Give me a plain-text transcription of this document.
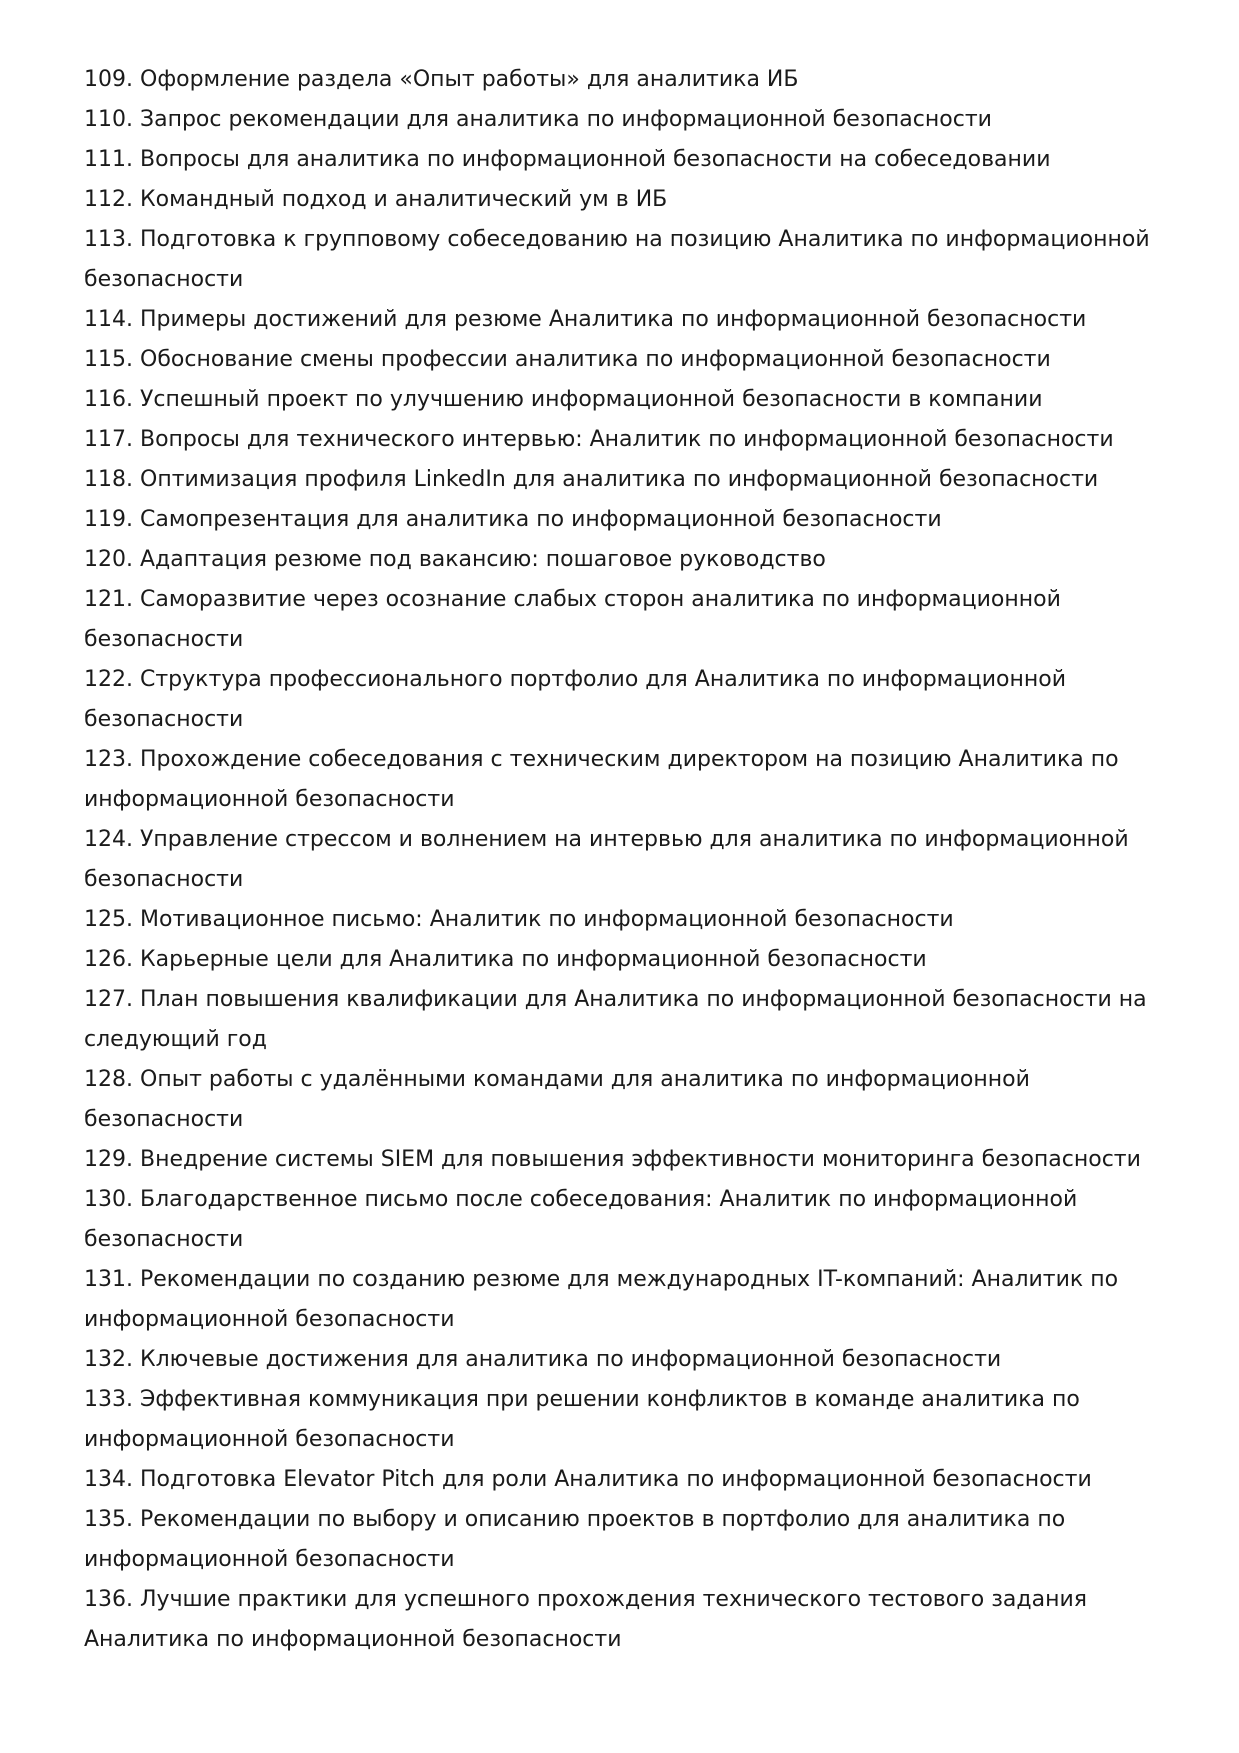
109 . Оформление раздела «Опыт работы» для аналитика ИБ
110 . Запрос рекомендации для аналитика по информационной безопасности
111 . Вопросы для аналитика по информационной безопасности на собеседовании
112 . Командный подход и аналитический ум в ИБ
113 . Подготовка к групповому собеседованию на позицию Аналитика по информационной безопасности
114 . Примеры достижений для резюме Аналитика по информационной безопасности
115 . Обоснование смены профессии аналитика по информационной безопасности
116 . Успешный проект по улучшению информационной безопасности в компании
117 . Вопросы для технического интервью: Аналитик по информационной безопасности
118 . Оптимизация профиля LinkedIn для аналитика по информационной безопасности
119 . Самопрезентация для аналитика по информационной безопасности
120 . Адаптация резюме под вакансию: пошаговое руководство
121 . Саморазвитие через осознание слабых сторон аналитика по информационной безопасности
122 . Структура профессионального портфолио для Аналитика по информационной безопасности
123 . Прохождение собеседования с техническим директором на позицию Аналитика по информационной безопасности
124 . Управление стрессом и волнением на интервью для аналитика по информационной безопасности
125 . Мотивационное письмо: Аналитик по информационной безопасности
126 . Карьерные цели для Аналитика по информационной безопасности
127 . План повышения квалификации для Аналитика по информационной безопасности на следующий год
128 . Опыт работы с удалёнными командами для аналитика по информационной безопасности
129 . Внедрение системы SIEM для повышения эффективности мониторинга безопасности
130 . Благодарственное письмо после собеседования: Аналитик по информационной безопасности
131 . Рекомендации по созданию резюме для международных IT-компаний: Аналитик по информационной безопасности
132 . Ключевые достижения для аналитика по информационной безопасности
133 . Эффективная коммуникация при решении конфликтов в команде аналитика по информационной безопасности
134 . Подготовка Elevator Pitch для роли Аналитика по информационной безопасности
135 . Рекомендации по выбору и описанию проектов в портфолио для аналитика по информационной безопасности
136 . Лучшие практики для успешного прохождения технического тестового задания Аналитика по информационной безопасности
